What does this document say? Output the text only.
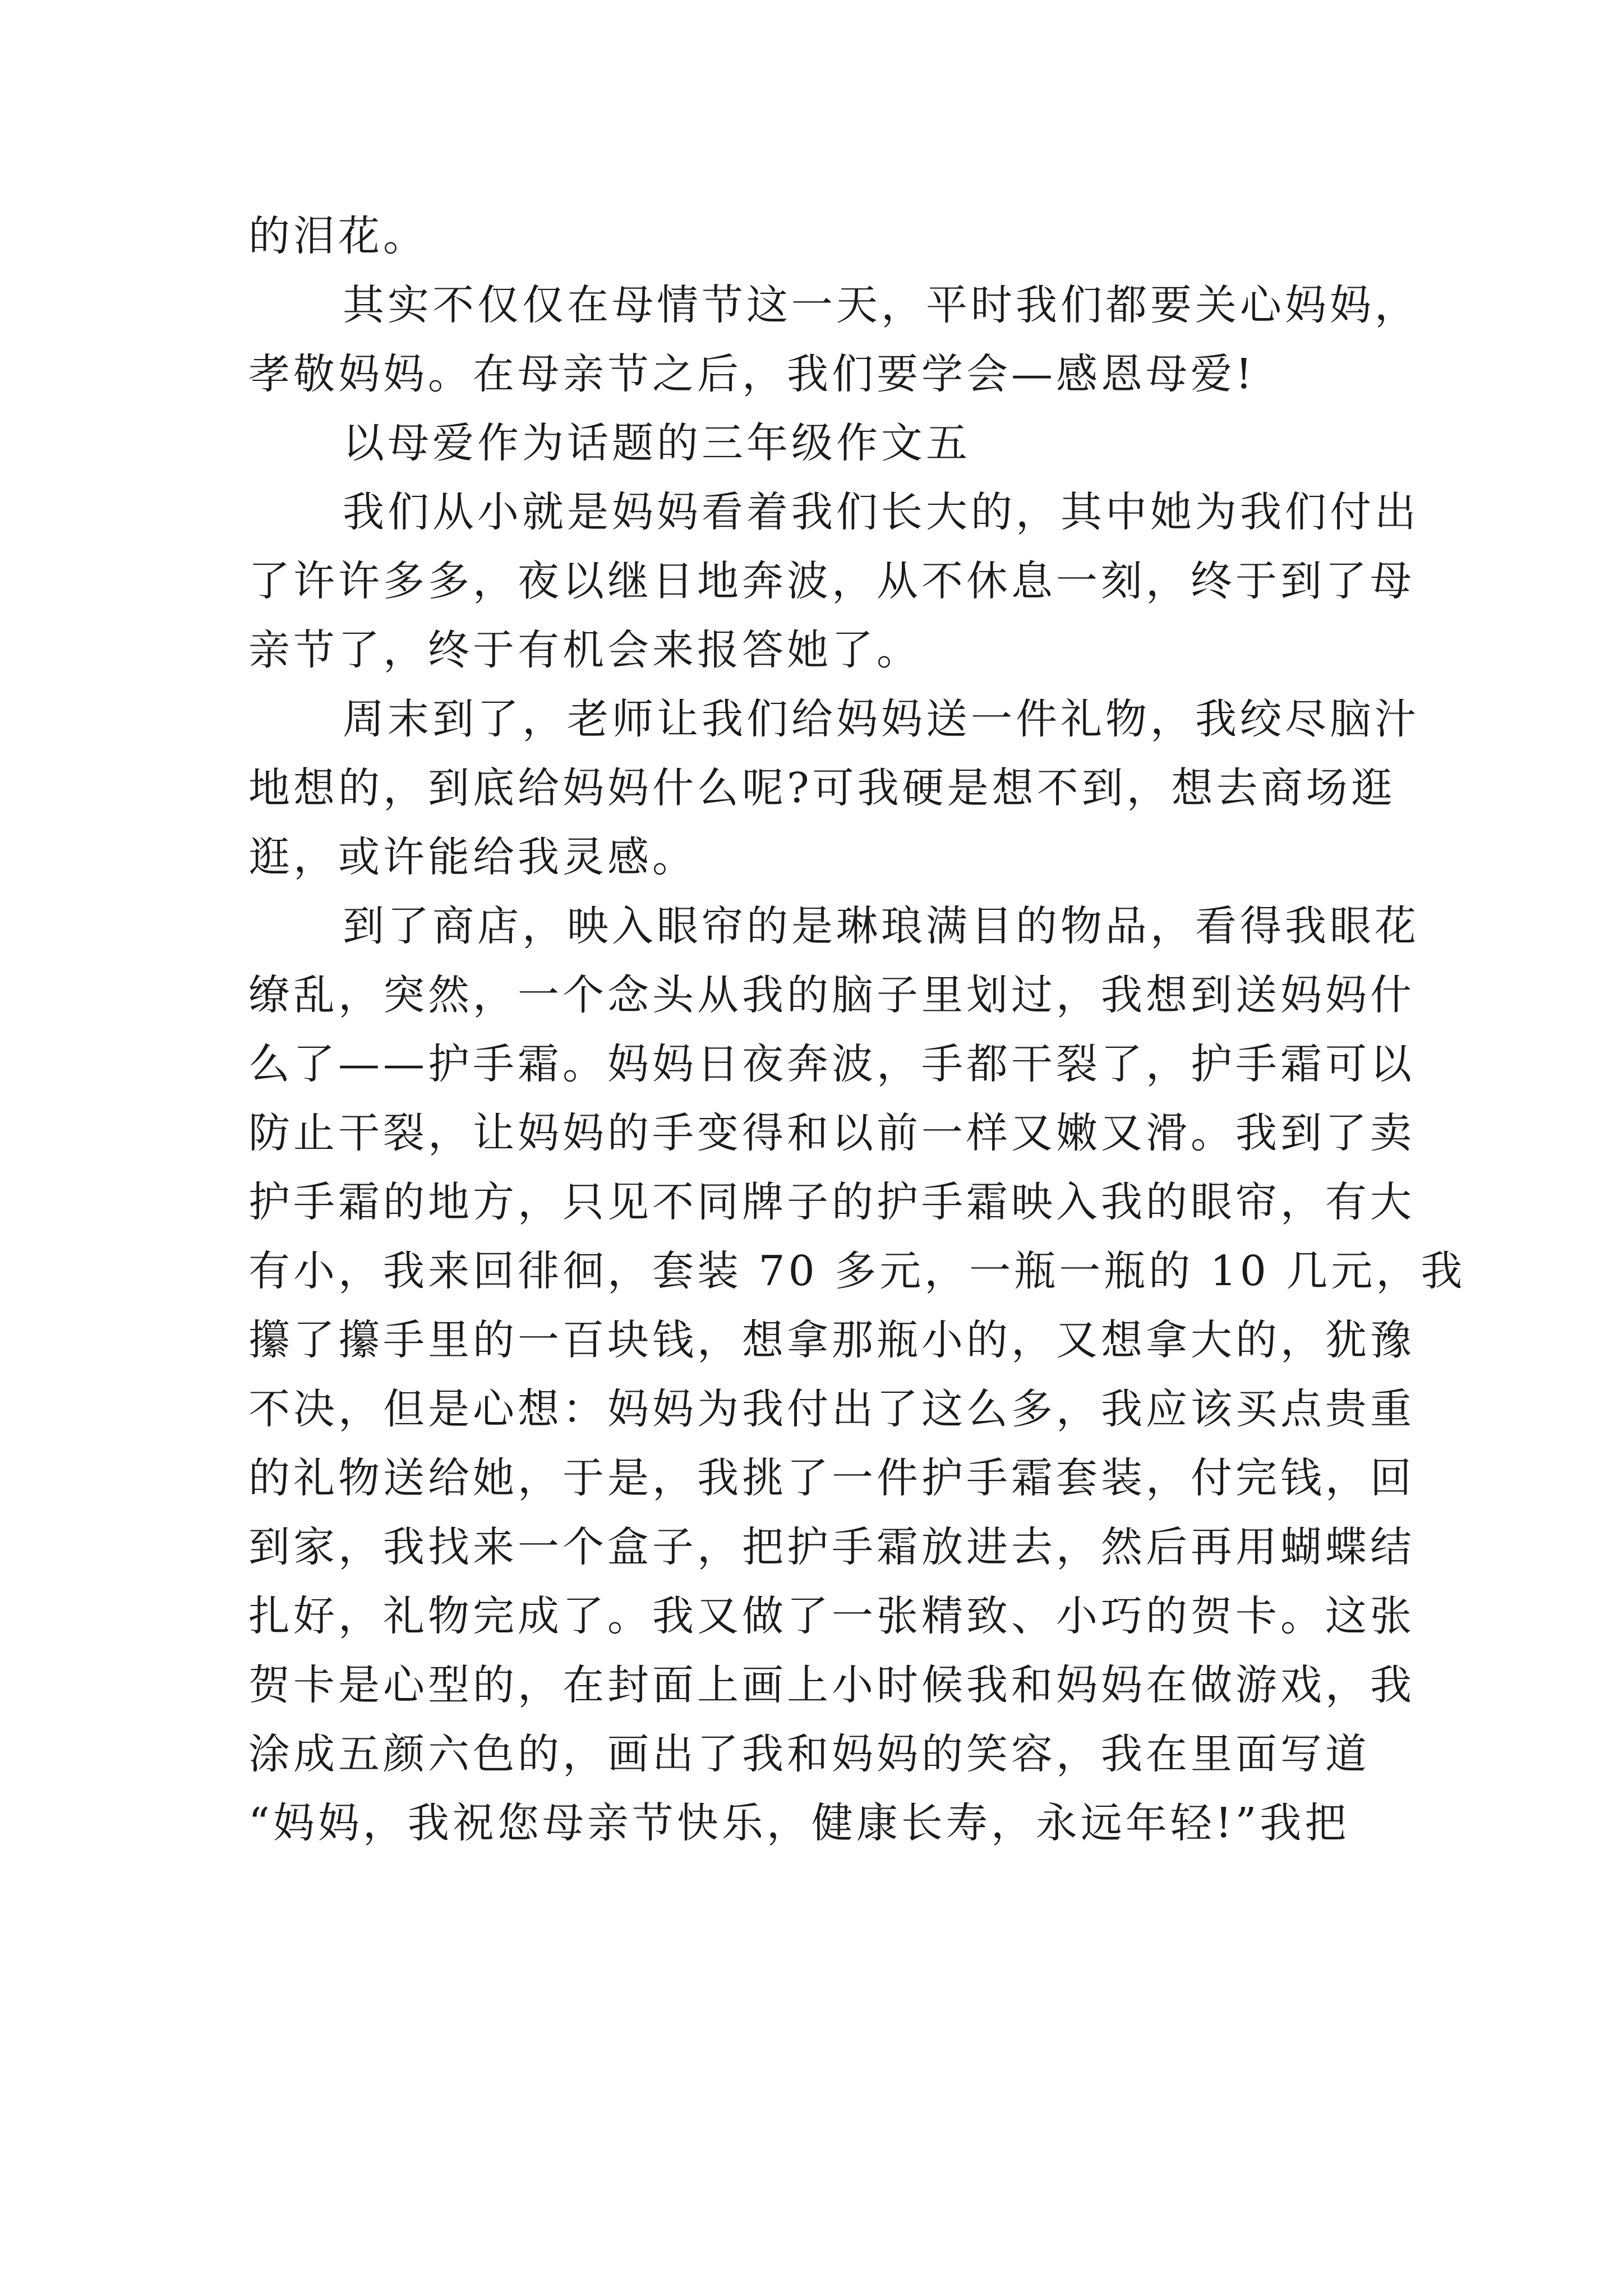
的泪花。
其实不仅仅在母情节这一天，平时我们都要关心妈妈，
孝敬妈妈。在母亲节之后，我们要学会—感恩母爱!
以母爱作为话题的三年级作文五
我们从小就是妈妈看着我们长大的，其中她为我们付出
了许许多多，夜以继日地奔波，从不休息一刻，终于到了母
亲节了，终于有机会来报答她了。
周末到了，老师让我们给妈妈送一件礼物，我绞尽脑汁
地想的，到底给妈妈什么呢?可我硬是想不到，想去商场逛
逛，或许能给我灵感。
到了商店，映入眼帘的是琳琅满目的物品，看得我眼花
缭乱，突然，一个念头从我的脑子里划过，我想到送妈妈什
么了——护手霜。妈妈日夜奔波，手都干裂了，护手霜可以
防止干裂，让妈妈的手变得和以前一样又嫩又滑。我到了卖
护手霜的地方，只见不同牌子的护手霜映入我的眼帘，有大
有小，我来回徘徊，套装 70 多元，一瓶一瓶的 10 几元，我
攥了攥手里的一百块钱，想拿那瓶小的，又想拿大的，犹豫
不决，但是心想：妈妈为我付出了这么多，我应该买点贵重
的礼物送给她，于是，我挑了一件护手霜套装，付完钱，回
到家，我找来一个盒子，把护手霜放进去，然后再用蝴蝶结
扎好，礼物完成了。我又做了一张精致、小巧的贺卡。这张
贺卡是心型的，在封面上画上小时候我和妈妈在做游戏，我
涂成五颜六色的，画出了我和妈妈的笑容，我在里面写道
“妈妈，我祝您母亲节快乐，健康长寿，永远年轻!”我把
